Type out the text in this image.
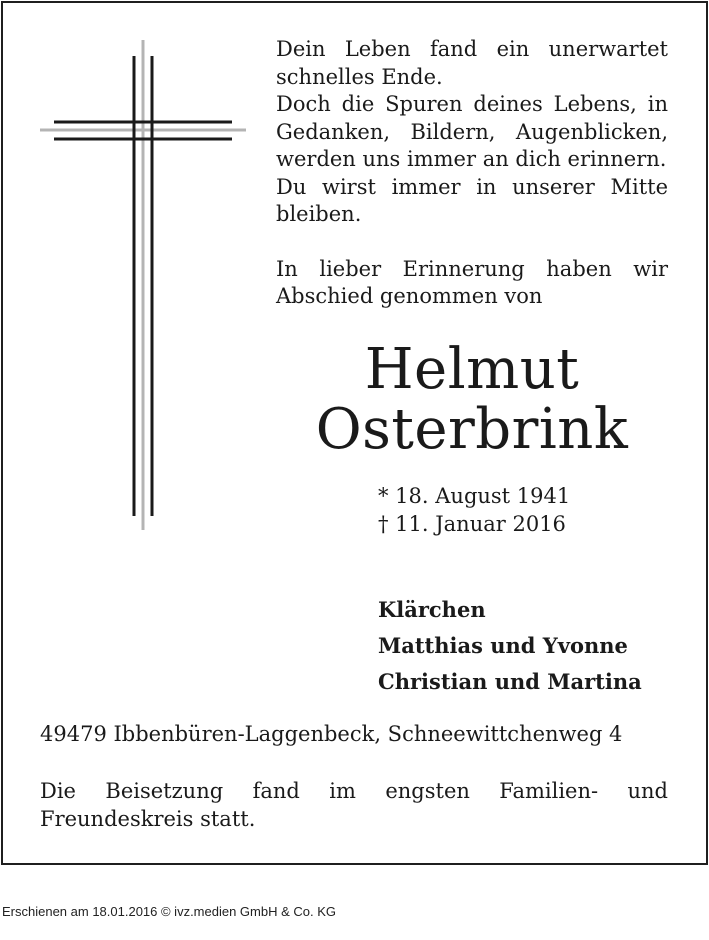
Dein Leben fand ein unerwartet schnelles Ende.

Doch die Spuren deines Lebens, in Gedanken, Bildern, Augenblicken, werden uns immer an dich erinnern.

Du wirst immer in unserer Mitte bleiben.

In lieber Erinnerung haben wir Abschied genommen von

Helmut
Osterbrink
* 18. August 1941
† 11. Januar 2016
Klärchen
Matthias und Yvonne
Christian und Martina
49479 Ibbenbüren-Laggenbeck, Schneewittchenweg 4
Die Beisetzung fand im engsten Familien- und Freundeskreis statt.
Erschienen am 18.01.2016 © ivz.medien GmbH & Co. KG
